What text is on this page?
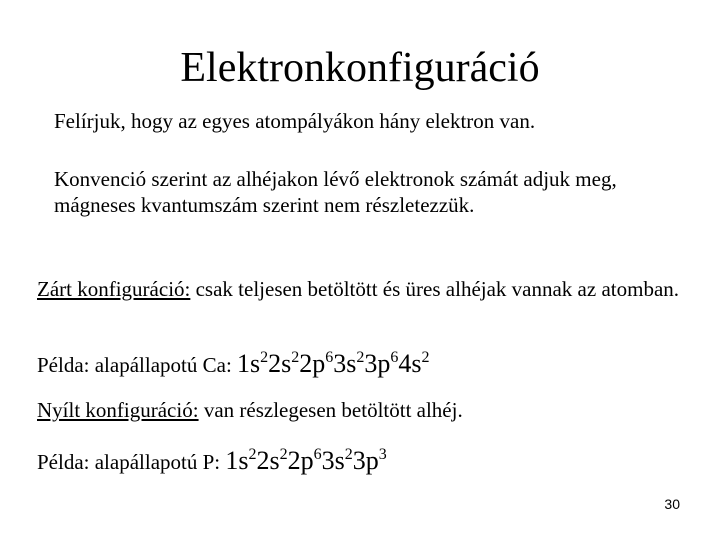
Elektronkonfiguráció

Felírjuk, hogy az egyes atompályákon hány elektron van.

Konvenció szerint az alhéjakon lévő elektronok számát adjuk meg, mágneses kvantumszám szerint nem részletezzük.

Zárt konfiguráció: csak teljesen betöltött és üres alhéjak vannak az atomban.

Példa: alapállapotú Ca: $1s^22s^22p^63s^23p^64s^2$

Nyílt konfiguráció: van részlegesen betöltött alhéj.

Példa: alapállapotú P: $1s^22s^22p^63s^23p^3$

30
